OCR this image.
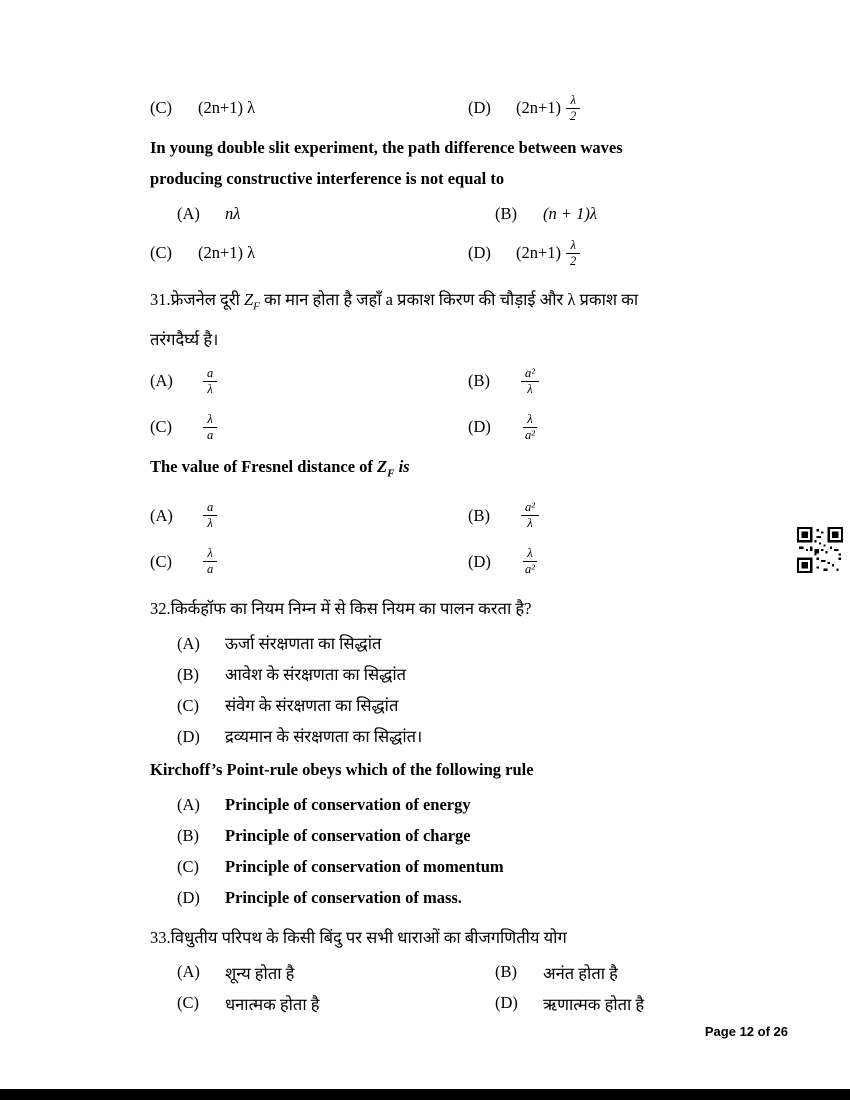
(C)	(2n+1) λ	(D)	$(2n+1) \frac{\lambda}{2}$

In young double slit experiment, the path difference between waves

producing constructive interference is not equal to

(A)	nλ	(B)	(n + 1)λ
(C)	(2n+1) λ	(D)	$(2n+1) \frac{\lambda}{2}$

31.फ्रेजनेल दूरी $Z_F$ का मान होता है जहाँ a प्रकाश किरण की चौड़ाई और λ प्रकाश का
तरंगदैर्घ्य है।

(A)	$\frac{a}{\lambda}$	(B)	$\frac{\text{a²}}{\lambda}$
(C)	$\frac{\lambda}{a}$	(D)	$\frac{\lambda}{\text{a²}}$

The value of Fresnel distance of $Z_F$ is

(A)	$\frac{a}{\lambda}$	(B)	$\frac{\text{a²}}{\lambda}$
(C)	$\frac{\lambda}{a}$	(D)	$\frac{\lambda}{\text{a²}}$

32.किर्कहॉफ का नियम निम्न में से किस नियम का पालन करता है?

(A)	ऊर्जा संरक्षणता का सिद्धांत
(B)	आवेश के संरक्षणता का सिद्धांत
(C)	संवेग के संरक्षणता का सिद्धांत
(D)	द्रव्यमान के संरक्षणता का सिद्धांत।

Kirchoff’s Point-rule obeys which of the following rule

(A)	Principle of conservation of energy
(B)	Principle of conservation of charge
(C)	Principle of conservation of momentum
(D)	Principle of conservation of mass.

33.विधुतीय परिपथ के किसी बिंदु पर सभी धाराओं का बीजगणितीय योग

(A)	शून्य होता है	(B)	अनंत होता है
(C)	धनात्मक होता है	(D)	ऋणात्मक होता है
Page 12 of 26
